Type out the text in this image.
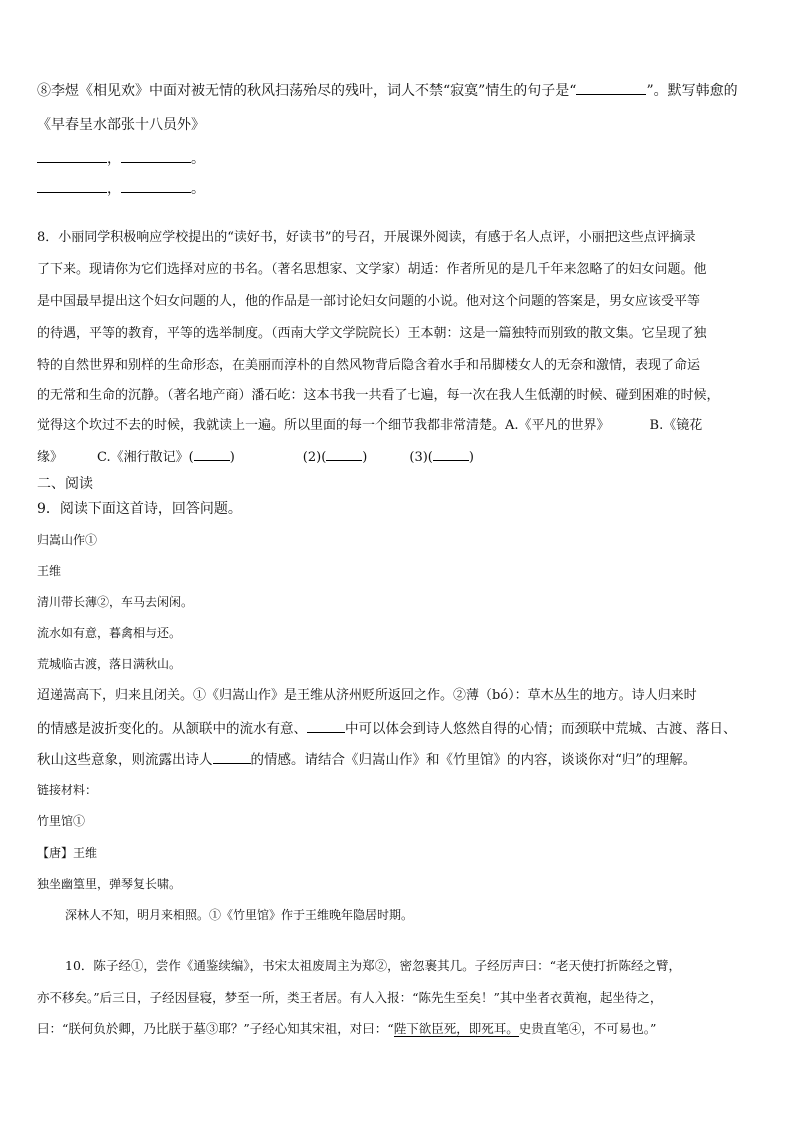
⑧李煜《相见欢》中面对被无情的秋风扫荡殆尽的残叶，词人不禁“寂寞”情生的句子是“	”。默写韩愈的
《早春呈水部张十八员外》
，	。
，	。
8．小丽同学积极响应学校提出的“读好书，好读书”的号召，开展课外阅读，有感于名人点评，小丽把这些点评摘录
了下来。现请你为它们选择对应的书名。（著名思想家、文学家）胡适：作者所见的是几千年来忽略了的妇女问题。他
是中国最早提出这个妇女问题的人，他的作品是一部讨论妇女问题的小说。他对这个问题的答案是，男女应该受平等
的待遇，平等的教育，平等的选举制度。（西南大学文学院院长）王本朝：这是一篇独特而别致的散文集。它呈现了独
特的自然世界和别样的生命形态，在美丽而淳朴的自然风物背后隐含着水手和吊脚楼女人的无奈和激情，表现了命运
的无常和生命的沉静。（著名地产商）潘石屹：这本书我一共看了七遍，每一次在我人生低潮的时候、碰到困难的时候，
觉得这个坎过不去的时候，我就读上一遍。所以里面的每一个细节我都非常清楚。A.《平凡的世界》	B.《镜花
缘》	C.《湘行散记》(	)	(2)(	)	(3)(	)
二、阅读
9．阅读下面这首诗，回答问题。
归嵩山作①
王维
清川带长薄②，车马去闲闲。
流水如有意，暮禽相与还。
荒城临古渡，落日满秋山。
迢递嵩高下，归来且闭关。①《归嵩山作》是王维从济州贬所返回之作。②薄（bó）：草木丛生的地方。诗人归来时
的情感是波折变化的。从颔联中的流水有意、	中可以体会到诗人悠然自得的心情；而颈联中荒城、古渡、落日、
秋山这些意象，则流露出诗人	的情感。请结合《归嵩山作》和《竹里馆》的内容，谈谈你对“归”的理解。
链接材料：
竹里馆①
【唐】王维
独坐幽篁里，弹琴复长啸。
深林人不知，明月来相照。①《竹里馆》作于王维晚年隐居时期。
10．陈子经①，尝作《通鉴续编》，书宋太祖废周主为郑②，密忽裹其几。子经厉声曰：“老天使打折陈经之臂，
亦不移矣。”后三日，子经因昼寝，梦至一所，类王者居。有人入报：“陈先生至矣！”其中坐者衣黄袍，起坐待之，
曰：“朕何负於卿，乃比朕于墓③耶？”子经心知其宋祖，对曰：“陛下欲臣死，即死耳。史贵直笔④，不可易也。”
